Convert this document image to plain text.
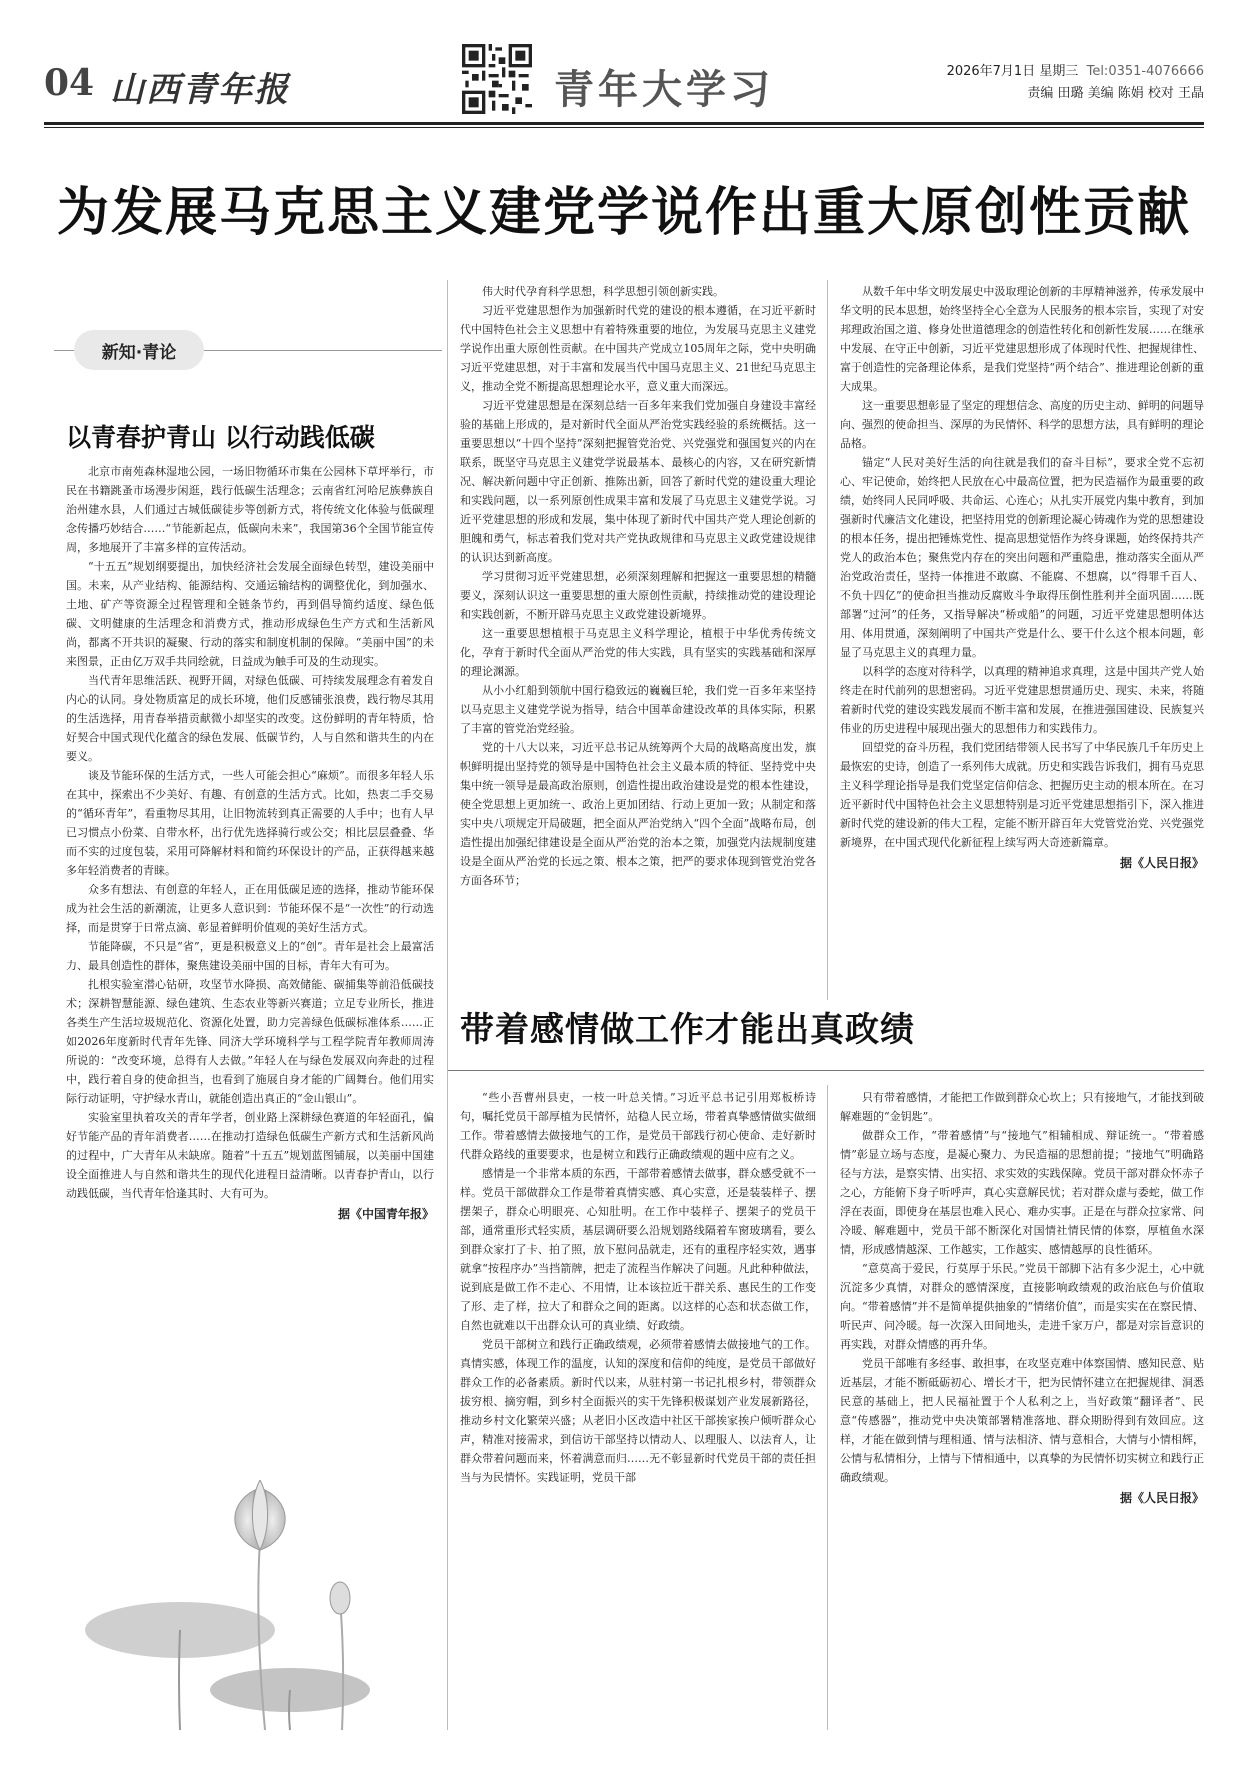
04 山西青年报	青年大学习	2026年7月1日 星期三 Tel:0351-4076666
责编 田璐 美编 陈娟 校对 王晶
为发展马克思主义建党学说作出重大原创性贡献
新知·青论
以青春护青山 以行动践低碳

北京市南苑森林湿地公园，一场旧物循环市集在公园林下草坪举行，市民在书籍跳蚤市场漫步闲逛，践行低碳生活理念；云南省红河哈尼族彝族自治州建水县，人们通过古城低碳徒步等创新方式，将传统文化体验与低碳理念传播巧妙结合……“节能新起点，低碳向未来”，我国第36个全国节能宣传周，多地展开了丰富多样的宣传活动。

“十五五”规划纲要提出，加快经济社会发展全面绿色转型，建设美丽中国。未来，从产业结构、能源结构、交通运输结构的调整优化，到加强水、土地、矿产等资源全过程管理和全链条节约，再到倡导简约适度、绿色低碳、文明健康的生活理念和消费方式，推动形成绿色生产方式和生活新风尚，都离不开共识的凝聚、行动的落实和制度机制的保障。“美丽中国”的未来图景，正由亿万双手共同绘就，日益成为触手可及的生动现实。

当代青年思维活跃、视野开阔，对绿色低碳、可持续发展理念有着发自内心的认同。身处物质富足的成长环境，他们反感铺张浪费，践行物尽其用的生活选择，用青春举措贡献微小却坚实的改变。这份鲜明的青年特质，恰好契合中国式现代化蕴含的绿色发展、低碳节约，人与自然和谐共生的内在要义。

谈及节能环保的生活方式，一些人可能会担心“麻烦”。而很多年轻人乐在其中，探索出不少美好、有趣、有创意的生活方式。比如，热衷二手交易的“循环青年”，看重物尽其用，让旧物流转到真正需要的人手中；也有人早已习惯点小份菜、自带水杯，出行优先选择骑行或公交；相比层层叠叠、华而不实的过度包装，采用可降解材料和简约环保设计的产品，正获得越来越多年轻消费者的青睐。

众多有想法、有创意的年轻人，正在用低碳足迹的选择，推动节能环保成为社会生活的新潮流，让更多人意识到：节能环保不是“一次性”的行动选择，而是贯穿于日常点滴、彰显着鲜明价值观的美好生活方式。

节能降碳，不只是“省”，更是积极意义上的“创”。青年是社会上最富活力、最具创造性的群体，聚焦建设美丽中国的目标，青年大有可为。

扎根实验室潜心钻研，攻坚节水降损、高效储能、碳捕集等前沿低碳技术；深耕智慧能源、绿色建筑、生态农业等新兴赛道；立足专业所长，推进各类生产生活垃圾规范化、资源化处置，助力完善绿色低碳标准体系……正如2026年度新时代青年先锋、同济大学环境科学与工程学院青年教师周涛所说的：“改变环境，总得有人去做。”年轻人在与绿色发展双向奔赴的过程中，践行着自身的使命担当，也看到了施展自身才能的广阔舞台。他们用实际行动证明，守护绿水青山，就能创造出真正的“金山银山”。

实验室里执着攻关的青年学者，创业路上深耕绿色赛道的年轻面孔，偏好节能产品的青年消费者……在推动打造绿色低碳生产新方式和生活新风尚的过程中，广大青年从未缺席。随着“十五五”规划蓝图铺展，以美丽中国建设全面推进人与自然和谐共生的现代化进程日益清晰。以青春护青山，以行动践低碳，当代青年恰逢其时、大有可为。

据《中国青年报》

伟大时代孕育科学思想，科学思想引领创新实践。

习近平党建思想作为加强新时代党的建设的根本遵循，在习近平新时代中国特色社会主义思想中有着特殊重要的地位，为发展马克思主义建党学说作出重大原创性贡献。在中国共产党成立105周年之际，党中央明确习近平党建思想，对于丰富和发展当代中国马克思主义、21世纪马克思主义，推动全党不断提高思想理论水平，意义重大而深远。

习近平党建思想是在深刻总结一百多年来我们党加强自身建设丰富经验的基础上形成的，是对新时代全面从严治党实践经验的系统概括。这一重要思想以“十四个坚持”深刻把握管党治党、兴党强党和强国复兴的内在联系，既坚守马克思主义建党学说最基本、最核心的内容，又在研究新情况、解决新问题中守正创新、推陈出新，回答了新时代党的建设重大理论和实践问题，以一系列原创性成果丰富和发展了马克思主义建党学说。习近平党建思想的形成和发展，集中体现了新时代中国共产党人理论创新的胆魄和勇气，标志着我们党对共产党执政规律和马克思主义政党建设规律的认识达到新高度。

学习贯彻习近平党建思想，必须深刻理解和把握这一重要思想的精髓要义，深刻认识这一重要思想的重大原创性贡献，持续推动党的建设理论和实践创新，不断开辟马克思主义政党建设新境界。

这一重要思想植根于马克思主义科学理论，植根于中华优秀传统文化，孕育于新时代全面从严治党的伟大实践，具有坚实的实践基础和深厚的理论渊源。

从小小红船到领航中国行稳致远的巍巍巨轮，我们党一百多年来坚持以马克思主义建党学说为指导，结合中国革命建设改革的具体实际，积累了丰富的管党治党经验。

党的十八大以来，习近平总书记从统筹两个大局的战略高度出发，旗帜鲜明提出坚持党的领导是中国特色社会主义最本质的特征、坚持党中央集中统一领导是最高政治原则，创造性提出政治建设是党的根本性建设，使全党思想上更加统一、政治上更加团结、行动上更加一致；从制定和落实中央八项规定开局破题，把全面从严治党纳入“四个全面”战略布局，创造性提出加强纪律建设是全面从严治党的治本之策，加强党内法规制度建设是全面从严治党的长远之策、根本之策，把严的要求体现到管党治党各方面各环节；

从数千年中华文明发展史中汲取理论创新的丰厚精神滋养，传承发展中华文明的民本思想，始终坚持全心全意为人民服务的根本宗旨，实现了对安邦理政治国之道、修身处世道德理念的创造性转化和创新性发展……在继承中发展、在守正中创新，习近平党建思想形成了体现时代性、把握规律性、富于创造性的完备理论体系，是我们党坚持“两个结合”、推进理论创新的重大成果。

这一重要思想彰显了坚定的理想信念、高度的历史主动、鲜明的问题导向、强烈的使命担当、深厚的为民情怀、科学的思想方法，具有鲜明的理论品格。

锚定“人民对美好生活的向往就是我们的奋斗目标”，要求全党不忘初心、牢记使命，始终把人民放在心中最高位置，把为民造福作为最重要的政绩，始终同人民同呼吸、共命运、心连心；从扎实开展党内集中教育，到加强新时代廉洁文化建设，把坚持用党的创新理论凝心铸魂作为党的思想建设的根本任务，提出把锤炼党性、提高思想觉悟作为终身课题，始终保持共产党人的政治本色；聚焦党内存在的突出问题和严重隐患，推动落实全面从严治党政治责任，坚持一体推进不敢腐、不能腐、不想腐，以“得罪千百人、不负十四亿”的使命担当推动反腐败斗争取得压倒性胜利并全面巩固……既部署“过河”的任务，又指导解决“桥或船”的问题，习近平党建思想明体达用、体用贯通，深刻阐明了中国共产党是什么、要干什么这个根本问题，彰显了马克思主义的真理力量。

以科学的态度对待科学，以真理的精神追求真理，这是中国共产党人始终走在时代前列的思想密码。习近平党建思想贯通历史、现实、未来，将随着新时代党的建设实践发展而不断丰富和发展，在推进强国建设、民族复兴伟业的历史进程中展现出强大的思想伟力和实践伟力。

回望党的奋斗历程，我们党团结带领人民书写了中华民族几千年历史上最恢宏的史诗，创造了一系列伟大成就。历史和实践告诉我们，拥有马克思主义科学理论指导是我们党坚定信仰信念、把握历史主动的根本所在。在习近平新时代中国特色社会主义思想特别是习近平党建思想指引下，深入推进新时代党的建设新的伟大工程，定能不断开辟百年大党管党治党、兴党强党新境界，在中国式现代化新征程上续写两大奇迹新篇章。

据《人民日报》

带着感情做工作才能出真政绩

“些小吾曹州县吏，一枝一叶总关情。”习近平总书记引用郑板桥诗句，嘱托党员干部厚植为民情怀，站稳人民立场，带着真挚感情做实做细工作。带着感情去做接地气的工作，是党员干部践行初心使命、走好新时代群众路线的重要要求，也是树立和践行正确政绩观的题中应有之义。

感情是一个非常本质的东西，干部带着感情去做事，群众感受就不一样。党员干部做群众工作是带着真情实感、真心实意，还是装装样子、摆摆架子，群众心明眼亮、心知肚明。在工作中装样子、摆架子的党员干部，通常重形式轻实质，基层调研要么沿规划路线隔着车窗玻璃看，要么到群众家打了卡、拍了照，放下慰问品就走，还有的重程序轻实效，遇事就拿“按程序办”当挡箭牌，把走了流程当作解决了问题。凡此种种做法，说到底是做工作不走心、不用情，让本该拉近干群关系、惠民生的工作变了形、走了样，拉大了和群众之间的距离。以这样的心态和状态做工作，自然也就难以干出群众认可的真业绩、好政绩。

党员干部树立和践行正确政绩观，必须带着感情去做接地气的工作。真情实感，体现工作的温度，认知的深度和信仰的纯度，是党员干部做好群众工作的必备素质。新时代以来，从驻村第一书记扎根乡村，带领群众拔穷根、摘穷帽，到乡村全面振兴的实干先锋积极谋划产业发展新路径，推动乡村文化繁荣兴盛；从老旧小区改造中社区干部挨家挨户倾听群众心声，精准对接需求，到信访干部坚持以情动人、以理服人、以法育人，让群众带着问题而来，怀着满意而归……无不彰显新时代党员干部的责任担当与为民情怀。实践证明，党员干部

只有带着感情，才能把工作做到群众心坎上；只有接地气，才能找到破解难题的“金钥匙”。

做群众工作，“带着感情”与“接地气”相辅相成、辩证统一。“带着感情”彰显立场与态度，是凝心聚力、为民造福的思想前提；“接地气”明确路径与方法，是察实情、出实招、求实效的实践保障。党员干部对群众怀赤子之心，方能俯下身子听呼声，真心实意解民忧；若对群众虚与委蛇，做工作浮在表面，即使身在基层也难入民心、难办实事。正是在与群众拉家常、问冷暖、解难题中，党员干部不断深化对国情社情民情的体察，厚植鱼水深情，形成感情越深、工作越实，工作越实、感情越厚的良性循环。

“意莫高于爱民，行莫厚于乐民。”党员干部脚下沾有多少泥土，心中就沉淀多少真情，对群众的感情深度，直接影响政绩观的政治底色与价值取向。“带着感情”并不是简单提供抽象的“情绪价值”，而是实实在在察民情、听民声、问冷暖。每一次深入田间地头，走进千家万户，都是对宗旨意识的再实践，对群众情感的再升华。

党员干部唯有多经事、敢担事，在攻坚克难中体察国情、感知民意、贴近基层，才能不断砥砺初心、增长才干，把为民情怀建立在把握规律、洞悉民意的基础上，把人民福祉置于个人私利之上，当好政策“翻译者”、民意“传感器”，推动党中央决策部署精准落地、群众期盼得到有效回应。这样，才能在做到情与理相通、情与法相济、情与意相合，大情与小情相辉，公情与私情相分，上情与下情相通中，以真挚的为民情怀切实树立和践行正确政绩观。

据《人民日报》
